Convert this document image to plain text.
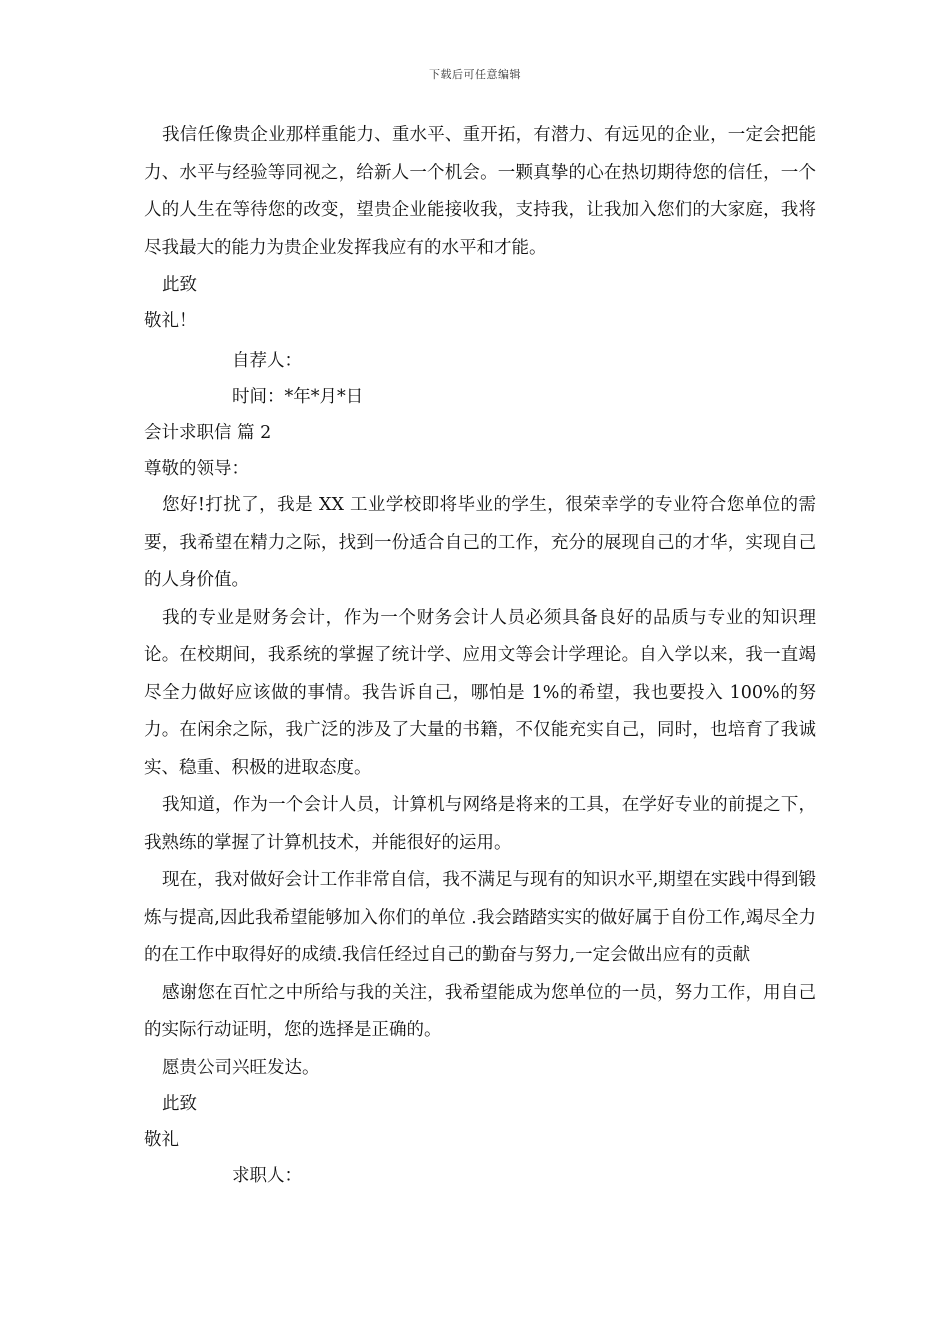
下载后可任意编辑

我信任像贵企业那样重能力、重水平、重开拓，有潜力、有远见的企业，一定会把能力、水平与经验等同视之，给新人一个机会。一颗真挚的心在热切期待您的信任，一个人的人生在等待您的改变，望贵企业能接收我，支持我，让我加入您们的大家庭，我将尽我最大的能力为贵企业发挥我应有的水平和才能。

此致

敬礼！

自荐人：

时间：*年*月*日

会计求职信 篇 2

尊敬的领导：

您好!打扰了，我是 XX 工业学校即将毕业的学生，很荣幸学的专业符合您单位的需要，我希望在精力之际，找到一份适合自己的工作，充分的展现自己的才华，实现自己的人身价值。

我的专业是财务会计，作为一个财务会计人员必须具备良好的品质与专业的知识理论。在校期间，我系统的掌握了统计学、应用文等会计学理论。自入学以来，我一直竭尽全力做好应该做的事情。我告诉自己，哪怕是 1%的希望，我也要投入 100%的努力。在闲余之际，我广泛的涉及了大量的书籍，不仅能充实自己，同时，也培育了我诚实、稳重、积极的进取态度。

我知道，作为一个会计人员，计算机与网络是将来的工具，在学好专业的前提之下，我熟练的掌握了计算机技术，并能很好的运用。

现在，我对做好会计工作非常自信，我不满足与现有的知识水平,期望在实践中得到锻炼与提高,因此我希望能够加入你们的单位 .我会踏踏实实的做好属于自份工作,竭尽全力的在工作中取得好的成绩.我信任经过自己的勤奋与努力,一定会做出应有的贡献

感谢您在百忙之中所给与我的关注，我希望能成为您单位的一员，努力工作，用自己的实际行动证明，您的选择是正确的。

愿贵公司兴旺发达。

此致

敬礼

求职人：
